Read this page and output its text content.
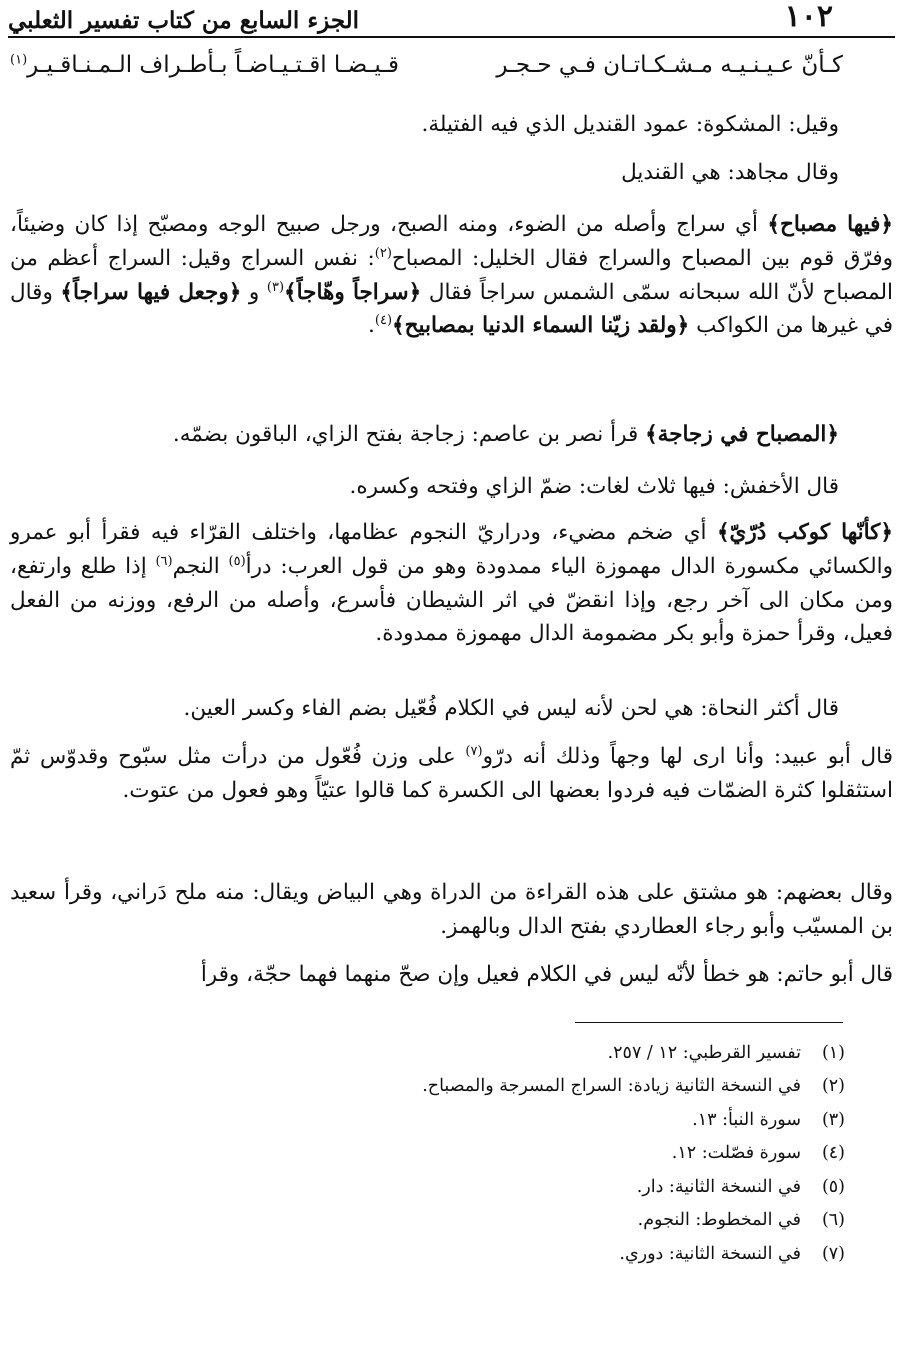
١٠٢
الجزء السابع من كتاب تفسير الثعلبي
كـأنّ عـيـنـيـه مـشـكـاتـان فـي حـجـر
قـيـضـا اقـتـيـاضـاً بـأطـراف الـمـنـاقـيـر$^{(١)}$
وقيل: المشكوة: عمود القنديل الذي فيه الفتيلة.
وقال مجاهد: هي القنديل
﴿فيها مصباح﴾ أي سراج وأصله من الضوء، ومنه الصبح، ورجل صبيح الوجه ومصبّح إذا كان وضيئاً، وفرّق قوم بين المصباح والسراج فقال الخليل: المصباح$^{(٢)}$: نفس السراج وقيل: السراج أعظم من المصباح لأنّ الله سبحانه سمّى الشمس سراجاً فقال ﴿سراجاً وهّاجاً﴾$^{(٣)}$ و ﴿وجعل فيها سراجاً﴾ وقال في غيرها من الكواكب ﴿ولقد زيّنا السماء الدنيا بمصابيح﴾$^{(٤)}$.
﴿المصباح في زجاجة﴾ قرأ نصر بن عاصم: زجاجة بفتح الزاي، الباقون بضمّه.
قال الأخفش: فيها ثلاث لغات: ضمّ الزاي وفتحه وكسره.
﴿كأنّها كوكب دُرّيّ﴾ أي ضخم مضيء، ودراريّ النجوم عظامها، واختلف القرّاء فيه فقرأ أبو عمرو والكسائي مكسورة الدال مهموزة الياء ممدودة وهو من قول العرب: درأ$^{(٥)}$ النجم$^{(٦)}$ إذا طلع وارتفع، ومن مكان الى آخر رجع، وإذا انقضّ في اثر الشيطان فأسرع، وأصله من الرفع، ووزنه من الفعل فعيل، وقرأ حمزة وأبو بكر مضمومة الدال مهموزة ممدودة.
قال أكثر النحاة: هي لحن لأنه ليس في الكلام فُعّيل بضم الفاء وكسر العين.
قال أبو عبيد: وأنا ارى لها وجهاً وذلك أنه درّو$^{(٧)}$ على وزن فُعّول من درأت مثل سبّوح وقدوّس ثمّ استثقلوا كثرة الضمّات فيه فردوا بعضها الى الكسرة كما قالوا عتيّاً وهو فعول من عتوت.
وقال بعضهم: هو مشتق على هذه القراءة من الدراة وهي البياض ويقال: منه ملح دَراني، وقرأ سعيد بن المسيّب وأبو رجاء العطاردي بفتح الدال وبالهمز.
قال أبو حاتم: هو خطأ لأنّه ليس في الكلام فعيل وإن صحّ منهما فهما حجّة، وقرأ
(١)
تفسير القرطبي: ١٢ / ٢٥٧.
(٢)
في النسخة الثانية زيادة: السراج المسرجة والمصباح.
(٣)
سورة النبأ: ١٣.
(٤)
سورة فصّلت: ١٢.
(٥)
في النسخة الثانية: دار.
(٦)
في المخطوط: النجوم.
(٧)
في النسخة الثانية: دوري.
